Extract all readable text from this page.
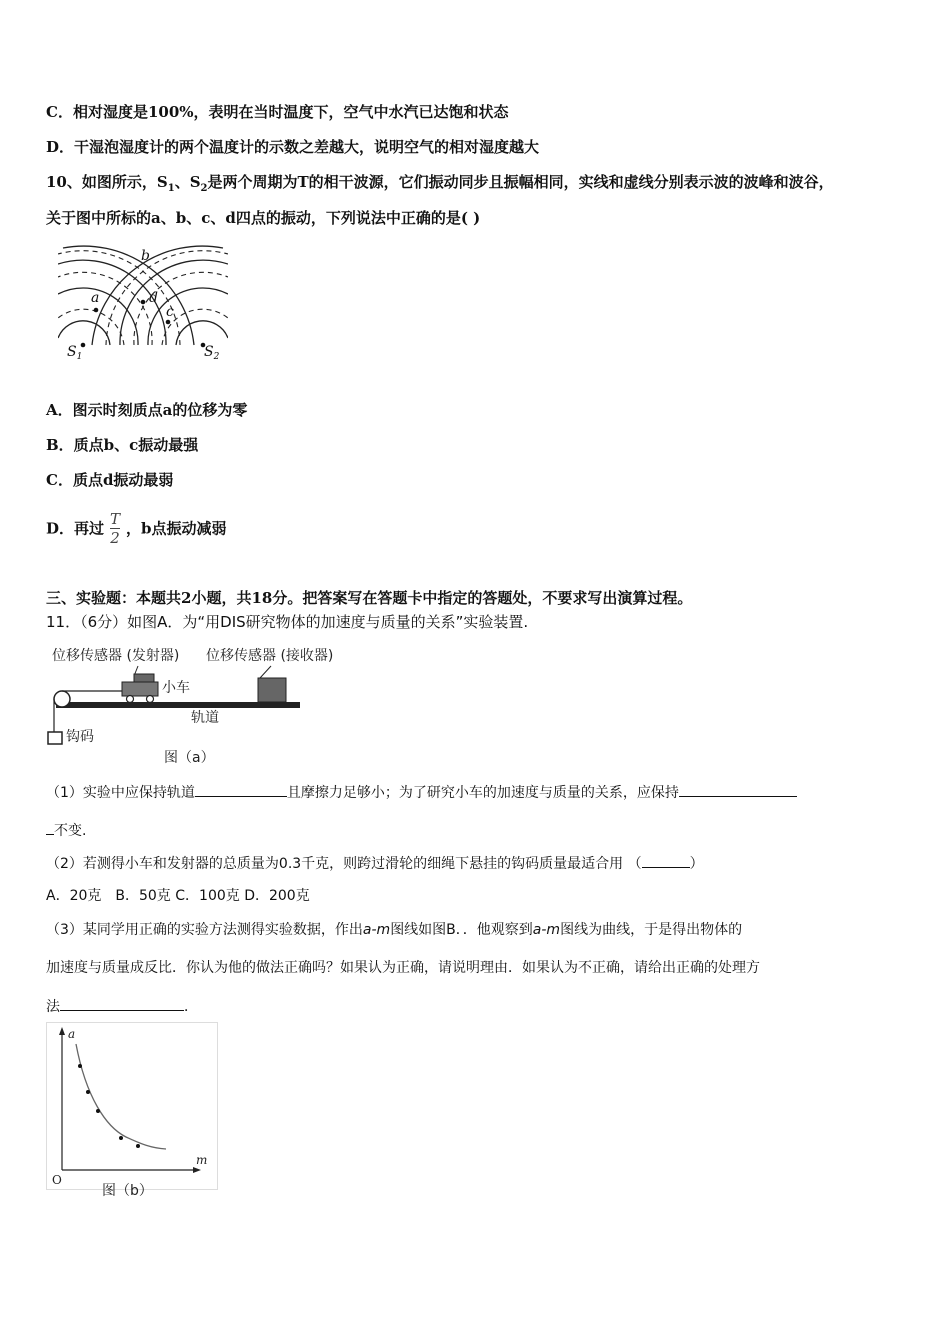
C．相对湿度是100%，表明在当时温度下，空气中水汽已达饱和状态
D．干湿泡湿度计的两个温度计的示数之差越大，说明空气的相对湿度越大
10、如图所示，$S_1$、$S_2$是两个周期为T的相干波源，它们振动同步且振幅相同，实线和虚线分别表示波的波峰和波谷，
关于图中所标的a、b、c、d四点的振动，下列说法中正确的是( )
b
a	d
c
$S_1$	$S_2$
A．图示时刻质点a的位移为零
B．质点b、c振动最强
C．质点d振动最弱
D．再过 $\frac{T}{2}$ ，b点振动减弱
三、实验题：本题共2小题，共18分。把答案写在答题卡中指定的答题处，不要求写出演算过程。
11．（6分）如图A．为“用DIS研究物体的加速度与质量的关系”实验装置.
位移传感器 (发射器) 位移传感器 (接收器)
小车
轨道
钩码
图（a）
（1）实验中应保持轨道	且摩擦力足够小；为了研究小车的加速度与质量的关系，应保持
不变.
（2）若测得小车和发射器的总质量为0.3千克，则跨过滑轮的细绳下悬挂的钩码质量最适合用 （	）
A．20克　B．50克 C．100克 D．200克
（3）某同学用正确的实验方法测得实验数据，作出a-m图线如图B．．他观察到a-m图线为曲线，于是得出物体的
加速度与质量成反比．你认为他的做法正确吗？如果认为正确，请说明理由．如果认为不正确，请给出正确的处理方
法	．
a
m
O
图（b）
